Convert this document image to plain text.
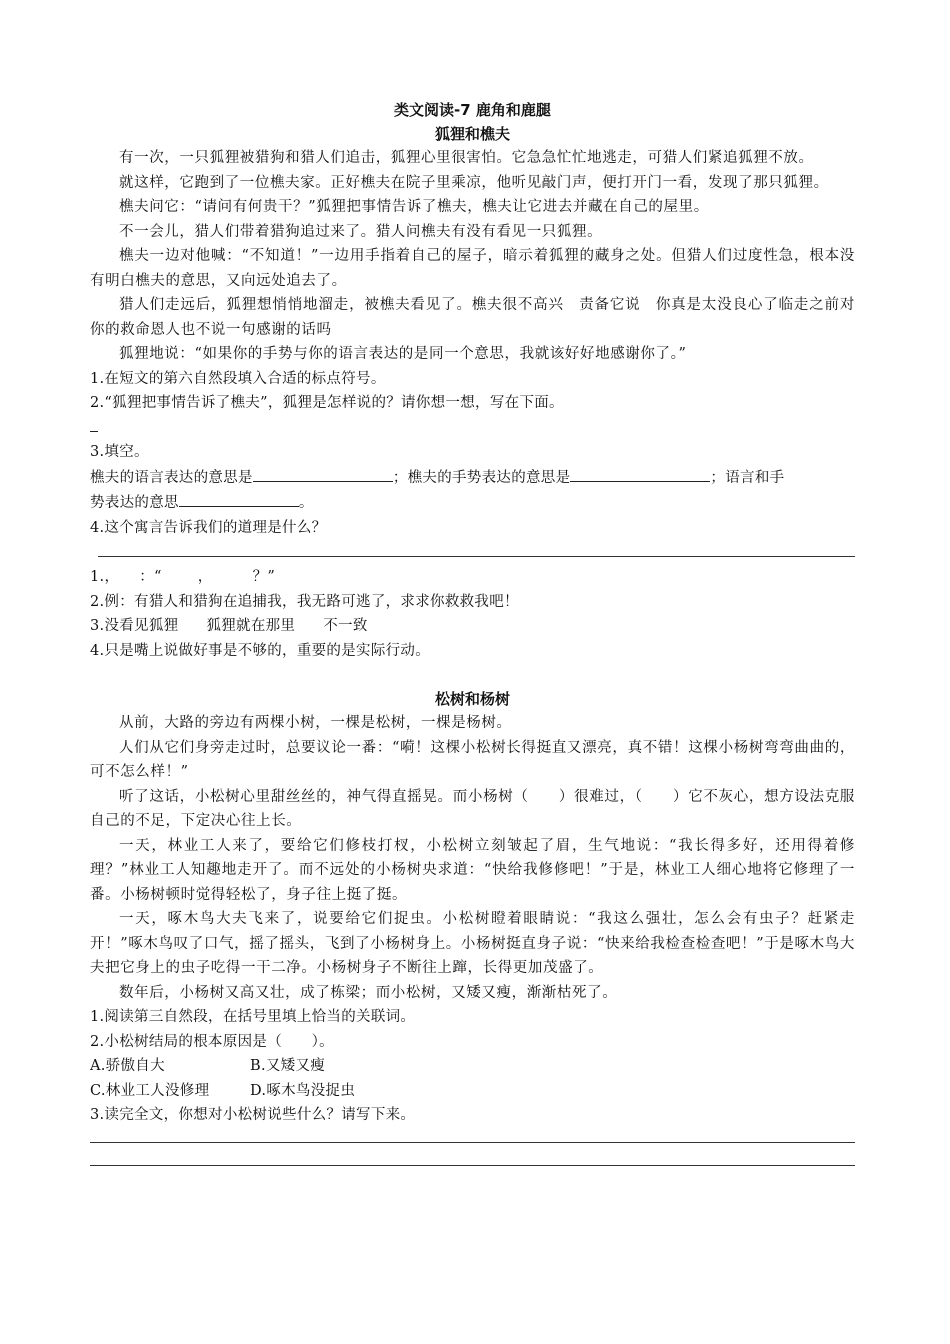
类文阅读-7 鹿角和鹿腿
狐狸和樵夫

有一次，一只狐狸被猎狗和猎人们追击，狐狸心里很害怕。它急急忙忙地逃走，可猎人们紧追狐狸不放。

就这样，它跑到了一位樵夫家。正好樵夫在院子里乘凉，他听见敲门声，便打开门一看，发现了那只狐狸。

樵夫问它：“请问有何贵干？”狐狸把事情告诉了樵夫，樵夫让它进去并藏在自己的屋里。

不一会儿，猎人们带着猎狗追过来了。猎人问樵夫有没有看见一只狐狸。

樵夫一边对他喊：“不知道！”一边用手指着自己的屋子，暗示着狐狸的藏身之处。但猎人们过度性急，根本没有明白樵夫的意思，又向远处追去了。

猎人们走远后，狐狸想悄悄地溜走，被樵夫看见了。樵夫很不高兴　责备它说　你真是太没良心了临走之前对你的救命恩人也不说一句感谢的话吗

狐狸地说：“如果你的手势与你的语言表达的是同一个意思，我就该好好地感谢你了。”

1.在短文的第六自然段填入合适的标点符号。

2.“狐狸把事情告诉了樵夫”，狐狸是怎样说的？请你想一想，写在下面。

3.填空。

樵夫的语言表达的意思是	；樵夫的手势表达的意思是	；语言和手

势表达的意思	。

4.这个寓言告诉我们的道理是什么？

1.， ：“ ，	？”

2.例：有猎人和猎狗在追捕我，我无路可逃了，求求你救救我吧！

3.没看见狐狸 狐狸就在那里 不一致

4.只是嘴上说做好事是不够的，重要的是实际行动。

松树和杨树

从前，大路的旁边有两棵小树，一棵是松树，一棵是杨树。

人们从它们身旁走过时，总要议论一番：“嗬！这棵小松树长得挺直又漂亮，真不错！这棵小杨树弯弯曲曲的，可不怎么样！”

听了这话，小松树心里甜丝丝的，神气得直摇晃。而小杨树（　　）很难过，（　　）它不灰心，想方设法克服自己的不足，下定决心往上长。

一天，林业工人来了，要给它们修枝打杈，小松树立刻皱起了眉，生气地说：“我长得多好，还用得着修理？”林业工人知趣地走开了。而不远处的小杨树央求道：“快给我修修吧！”于是，林业工人细心地将它修理了一番。小杨树顿时觉得轻松了，身子往上挺了挺。

一天，啄木鸟大夫飞来了，说要给它们捉虫。小松树瞪着眼睛说：“我这么强壮，怎么会有虫子？赶紧走开！”啄木鸟叹了口气，摇了摇头，飞到了小杨树身上。小杨树挺直身子说：“快来给我检查检查吧！”于是啄木鸟大夫把它身上的虫子吃得一干二净。小杨树身子不断往上蹿，长得更加茂盛了。

数年后，小杨树又高又壮，成了栋梁；而小松树，又矮又瘦，渐渐枯死了。

1.阅读第三自然段，在括号里填上恰当的关联词。

2.小松树结局的根本原因是（　　）。

A.骄傲自大	B.又矮又瘦
C.林业工人没修理	D.啄木鸟没捉虫

3.读完全文，你想对小松树说些什么？请写下来。
